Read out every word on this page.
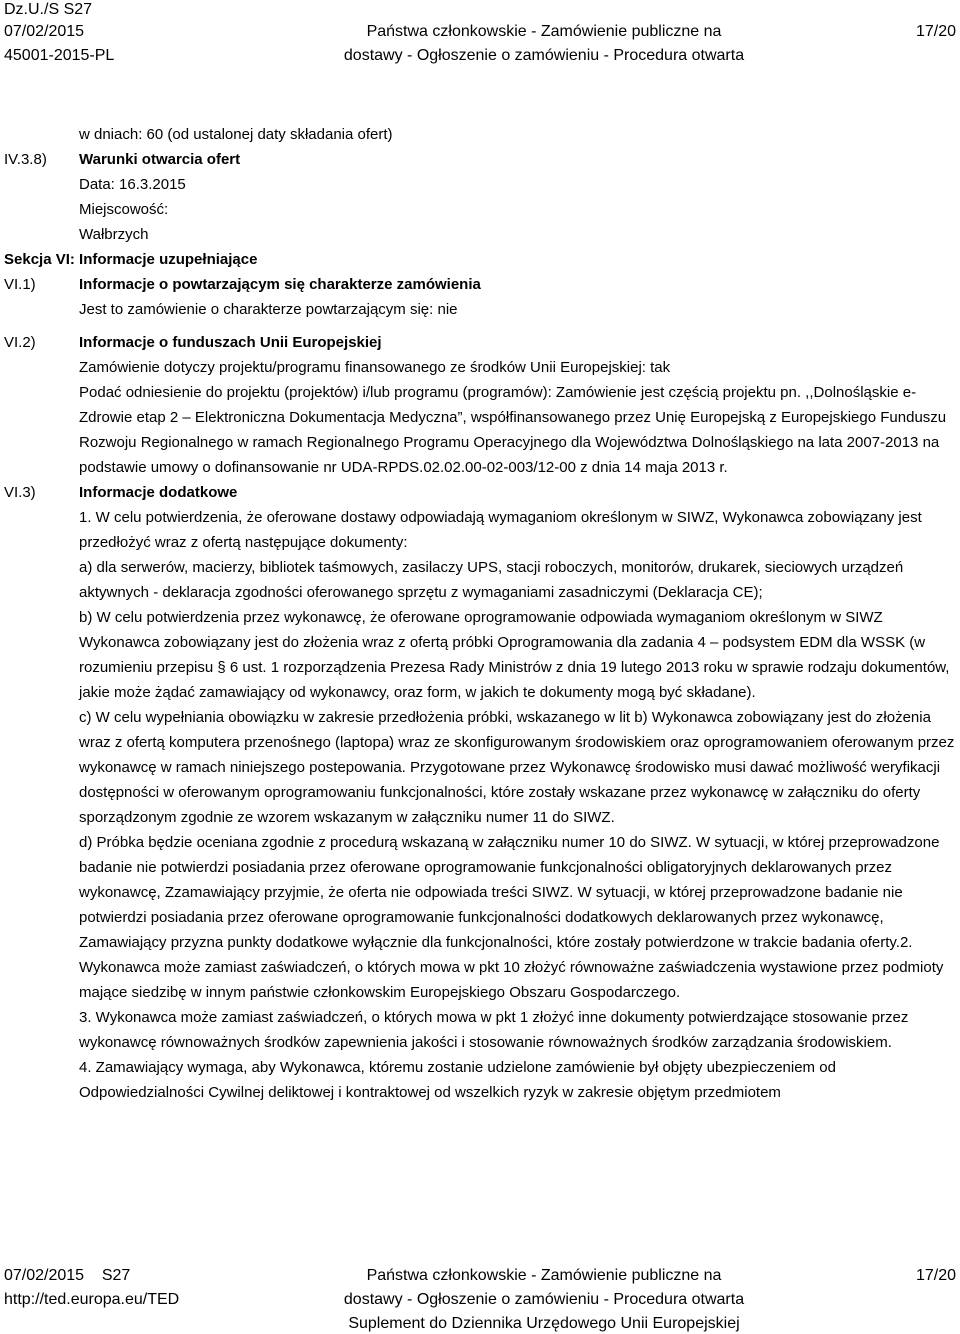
Dz.U./S S27
07/02/2015
45001-2015-PL
Państwa członkowskie - Zamówienie publiczne na
dostawy - Ogłoszenie o zamówieniu - Procedura otwarta
17/20
w dniach: 60 (od ustalonej daty składania ofert)
IV.3.8)	Warunki otwarcia ofert
Data: 16.3.2015
Miejscowość:
Wałbrzych
Sekcja VI: Informacje uzupełniające
VI.1)	Informacje o powtarzającym się charakterze zamówienia
Jest to zamówienie o charakterze powtarzającym się: nie
VI.2)	Informacje o funduszach Unii Europejskiej
Zamówienie dotyczy projektu/programu finansowanego ze środków Unii Europejskiej: tak
Podać odniesienie do projektu (projektów) i/lub programu (programów): Zamówienie jest częścią projektu pn. ,,Dolnośląskie e-Zdrowie etap 2 – Elektroniczna Dokumentacja Medyczna”, współfinansowanego przez Unię Europejską z Europejskiego Funduszu Rozwoju Regionalnego w ramach Regionalnego Programu Operacyjnego dla Województwa Dolnośląskiego na lata 2007-2013 na podstawie umowy o dofinansowanie nr UDA-RPDS.02.02.00-02-003/12-00 z dnia 14 maja 2013 r.
VI.3)	Informacje dodatkowe
1. W celu potwierdzenia, że oferowane dostawy odpowiadają wymaganiom określonym w SIWZ, Wykonawca zobowiązany jest przedłożyć wraz z ofertą następujące dokumenty:
a) dla serwerów, macierzy, bibliotek taśmowych, zasilaczy UPS, stacji roboczych, monitorów, drukarek, sieciowych urządzeń aktywnych - deklaracja zgodności oferowanego sprzętu z wymaganiami zasadniczymi (Deklaracja CE);
b) W celu potwierdzenia przez wykonawcę, że oferowane oprogramowanie odpowiada wymaganiom określonym w SIWZ Wykonawca zobowiązany jest do złożenia wraz z ofertą próbki Oprogramowania dla zadania 4 – podsystem EDM dla WSSK (w rozumieniu przepisu § 6 ust. 1 rozporządzenia Prezesa Rady Ministrów z dnia 19 lutego 2013 roku w sprawie rodzaju dokumentów, jakie może żądać zamawiający od wykonawcy, oraz form, w jakich te dokumenty mogą być składane).
c) W celu wypełniania obowiązku w zakresie przedłożenia próbki, wskazanego w lit b) Wykonawca zobowiązany jest do złożenia wraz z ofertą komputera przenośnego (laptopa) wraz ze skonfigurowanym środowiskiem oraz oprogramowaniem oferowanym przez wykonawcę w ramach niniejszego postepowania. Przygotowane przez Wykonawcę środowisko musi dawać możliwość weryfikacji dostępności w oferowanym oprogramowaniu funkcjonalności, które zostały wskazane przez wykonawcę w załączniku do oferty sporządzonym zgodnie ze wzorem wskazanym w załączniku numer 11 do SIWZ.
d) Próbka będzie oceniana zgodnie z procedurą wskazaną w załączniku numer 10 do SIWZ. W sytuacji, w której przeprowadzone badanie nie potwierdzi posiadania przez oferowane oprogramowanie funkcjonalności obligatoryjnych deklarowanych przez wykonawcę, Zzamawiający przyjmie, że oferta nie odpowiada treści SIWZ. W sytuacji, w której przeprowadzone badanie nie potwierdzi posiadania przez oferowane oprogramowanie funkcjonalności dodatkowych deklarowanych przez wykonawcę, Zamawiający przyzna punkty dodatkowe wyłącznie dla funkcjonalności, które zostały potwierdzone w trakcie badania oferty.2. Wykonawca może zamiast zaświadczeń, o których mowa w pkt 10 złożyć równoważne zaświadczenia wystawione przez podmioty mające siedzibę w innym państwie członkowskim Europejskiego Obszaru Gospodarczego.
3. Wykonawca może zamiast zaświadczeń, o których mowa w pkt 1 złożyć inne dokumenty potwierdzające stosowanie przez wykonawcę równoważnych środków zapewnienia jakości i stosowanie równoważnych środków zarządzania środowiskiem.
4. Zamawiający wymaga, aby Wykonawca, któremu zostanie udzielone zamówienie był objęty ubezpieczeniem od Odpowiedzialności Cywilnej deliktowej i kontraktowej od wszelkich ryzyk w zakresie objętym przedmiotem
07/02/2015 S27
http://ted.europa.eu/TED
Państwa członkowskie - Zamówienie publiczne na
dostawy - Ogłoszenie o zamówieniu - Procedura otwarta
Suplement do Dziennika Urzędowego Unii Europejskiej
17/20
